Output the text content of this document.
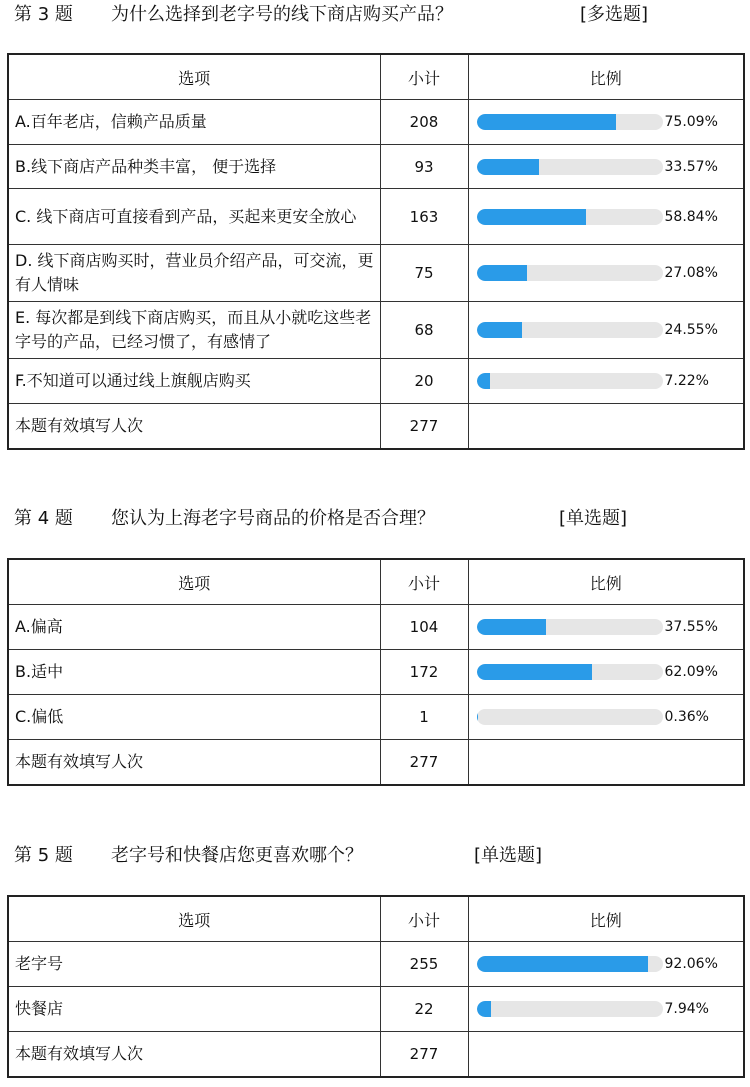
第 3 题 为什么选择到老字号的线下商店购买产品？	[多选题]
选项	小计	比例
A.百年老店，信赖产品质量	208	75.09%

B.线下商店产品种类丰富， 便于选择	93	33.57%

C. 线下商店可直接看到产品，买起来更安全放心	163	58.84%

D. 线下商店购买时，营业员介绍产品，可交流，更有人情味	75	27.08%

E. 每次都是到线下商店购买，而且从小就吃这些老字号的产品，已经习惯了，有感情了	68	24.55%

F.不知道可以通过线上旗舰店购买	20	7.22%

本题有效填写人次	277	
第 4 题 您认为上海老字号商品的价格是否合理？	[单选题]
选项	小计	比例
A.偏高	104	37.55%

B.适中	172	62.09%

C.偏低	1	0.36%

本题有效填写人次	277	
第 5 题 老字号和快餐店您更喜欢哪个？	[单选题]
选项	小计	比例
老字号	255	92.06%

快餐店	22	7.94%

本题有效填写人次	277	
